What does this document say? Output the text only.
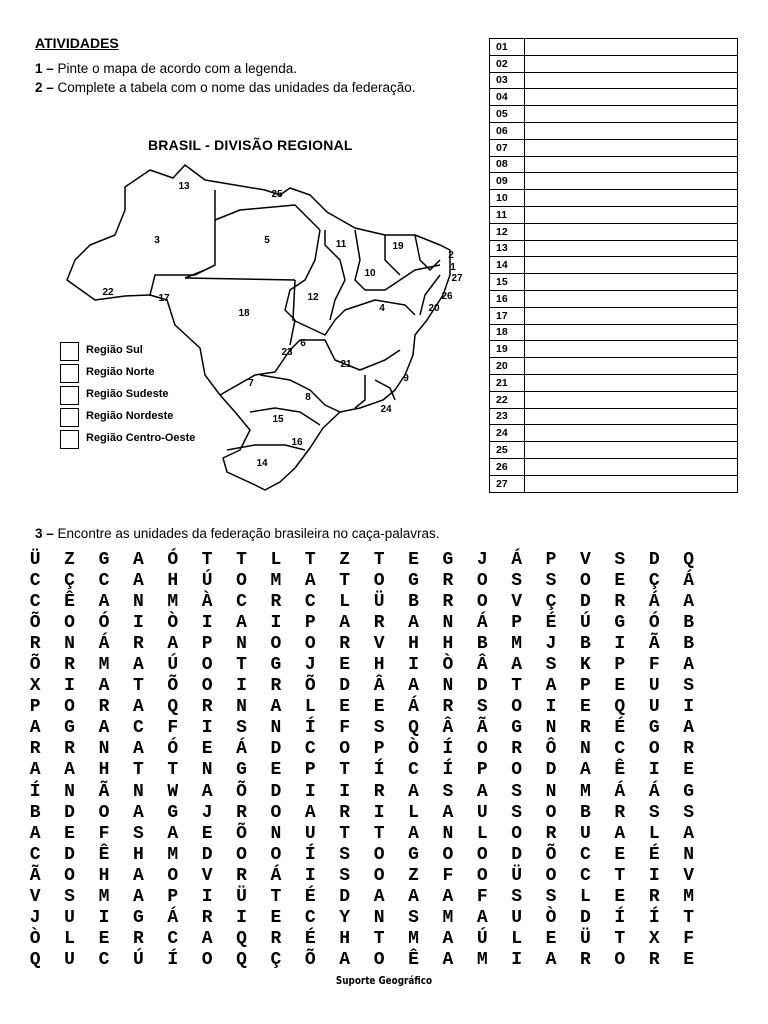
ATIVIDADES
1 – Pinte o mapa de acordo com a legenda.
2 – Complete a tabela com o nome das unidades da federação.
BRASIL - DIVISÃO REGIONAL
13
25
3	5	11	19
2
1
27
10
26
20
22
17	12
4
18
6
23
21
9
7
8
24
15
16
14
Região Sul
Região Norte
Região Sudeste
Região Nordeste
Região Centro-Oeste
01	
02	
03	
04	
05	
06	
07	
08	
09	
10	
11	
12	
13	
14	
15	
16	
17	
18	
19	
20	
21	
22	
23	
24	
25	
26	
27	
3 – Encontre as unidades da federação brasileira no caça-palavras.
Ü	Z	G	A	Ó	T	T	L	T	Z	T	E	G	J	Á	P	V	S	D	Q
C	Ç	C	A	H	Ú	O	M	A	T	O	G	R	O	S	S	O	E	Ç	Á
C	Ê	A	N	M	À	C	R	C	L	Ü	B	R	O	V	Ç	D	R	Á	A
Õ	O	Ó	I	Ò	I	A	I	P	A	R	A	N	Á	P	É	Ú	G	Ó	B
R	N	Á	R	A	P	N	O	O	R	V	H	H	B	M	J	B	I	Ã	B
Õ	R	M	A	Ú	O	T	G	J	E	H	I	Ò	Â	A	S	K	P	F	A
X	I	A	T	Õ	O	I	R	Õ	D	Â	A	N	D	T	A	P	E	U	S
P	O	R	A	Q	R	N	A	L	E	E	Á	R	S	O	I	E	Q	U	I
A	G	A	C	F	I	S	N	Í	F	S	Q	Â	Ã	G	N	R	É	G	A
R	R	N	A	Ó	E	Á	D	C	O	P	Ò	Í	O	R	Ô	N	C	O	R
A	A	H	T	T	N	G	E	P	T	Í	C	Í	P	O	D	A	Ê	I	E
Í	N	Ã	N	W	A	Õ	D	I	I	R	A	S	A	S	N	M	Á	Á	G
B	D	O	A	G	J	R	O	A	R	I	L	A	U	S	O	B	R	S	S
A	E	F	S	A	E	Õ	N	U	T	T	A	N	L	O	R	U	A	L	A
C	D	Ê	H	M	D	O	O	Í	S	O	G	O	O	D	Õ	C	E	É	N
Ã	O	H	A	O	V	R	Á	I	S	O	Z	F	O	Ü	O	C	T	I	V
V	S	M	A	P	I	Ü	T	É	D	A	A	A	F	S	S	L	E	R	M
J	U	I	G	Á	R	I	E	C	Y	N	S	M	A	U	Ò	D	Í	Í	T
Ò	L	E	R	C	A	Q	R	É	H	T	M	A	Ú	L	E	Ü	T	X	F
Q	U	C	Ú	Í	O	Q	Ç	Õ	A	O	Ê	A	M	I	A	R	O	R	E
Suporte Geográfico
